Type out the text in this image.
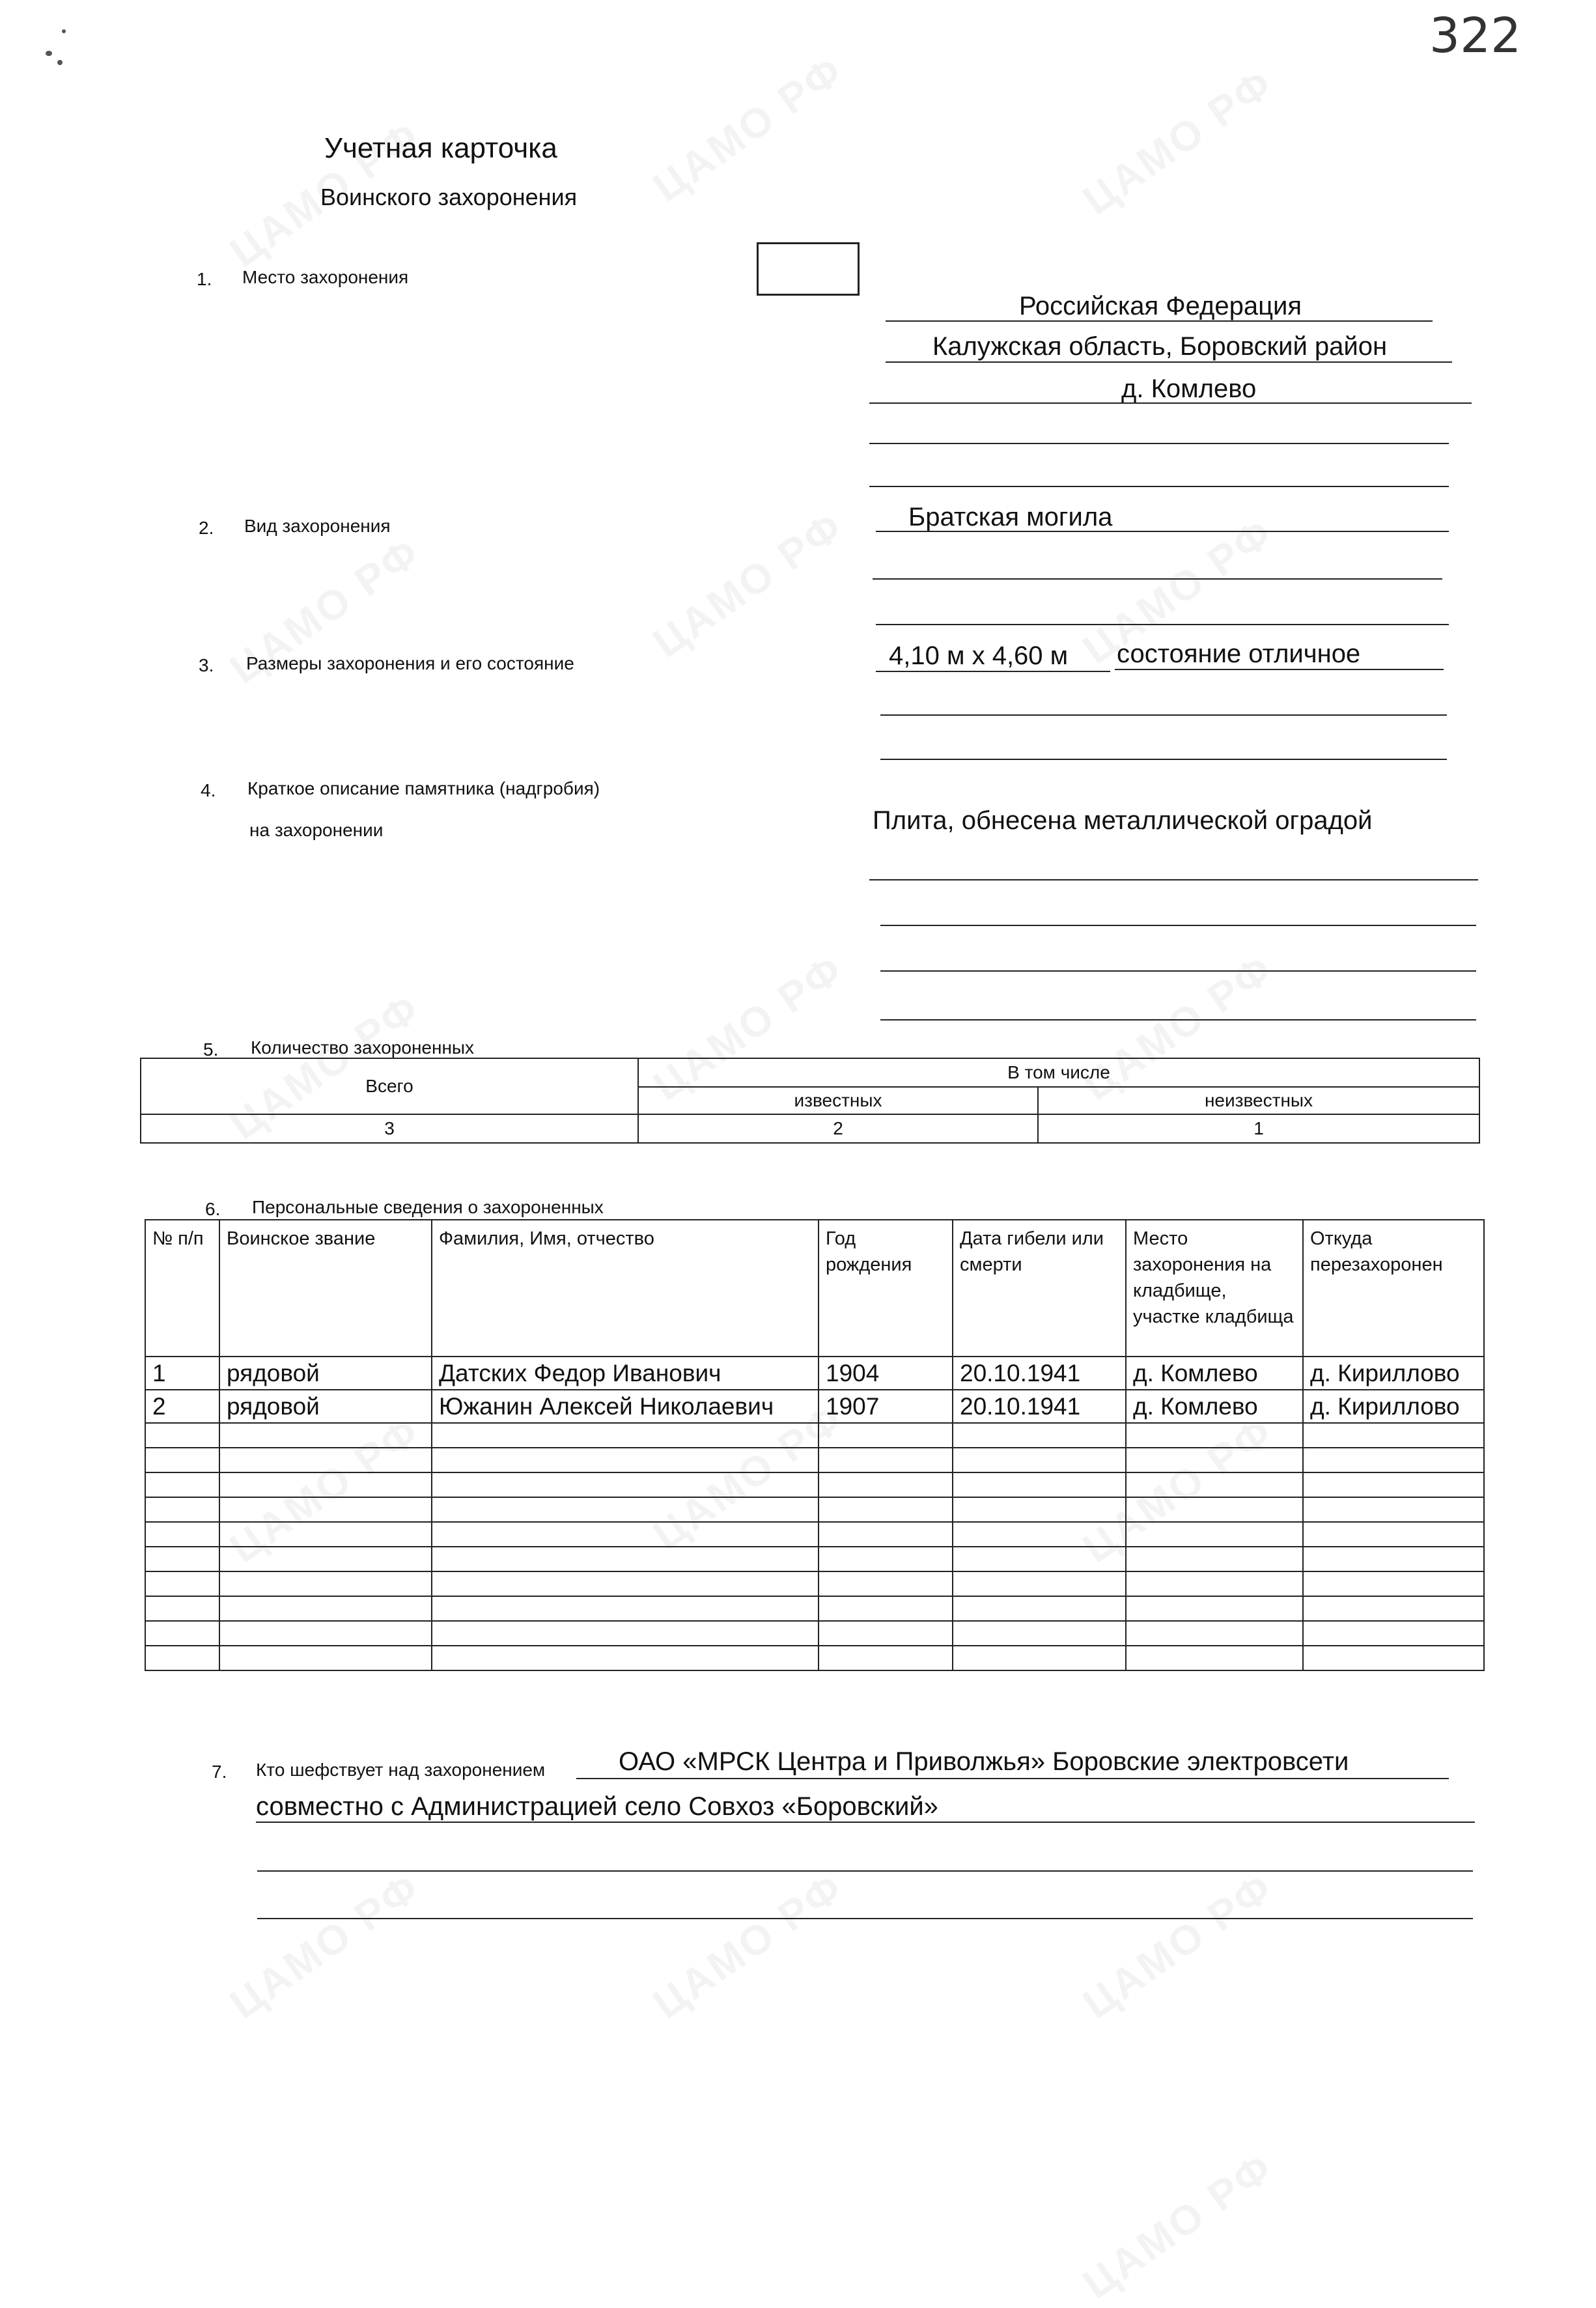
322
Учетная карточка
Воинского захоронения
1. Место захоронения
Российская Федерация
Калужская область, Боровский район
д. Комлево
2. Вид захоронения	Братская могила
3. Размеры захоронения и его состояние	4,10 м х 4,60 м состояние отличное
4. Краткое описание памятника (надгробия)
на захоронении	Плита, обнесена металлической оградой
5. Количество захороненных
Всего	В том числе	
	известных	неизвестных
3	2	1
6. Персональные сведения о захороненных
№ п/п	Воинское звание	Фамилия, Имя, отчество	Год рождения	Дата гибели или смерти	Место захоронения на кладбище, участке кладбища	Откуда перезахоронен
1	рядовой	Датских Федор Иванович	1904	20.10.1941	д. Комлево	д. Кириллово
2	рядовой	Южанин Алексей Николаевич	1907	20.10.1941	д. Комлево	д. Кириллово

7. Кто шефствует над захоронением	ОАО «МРСК Центра и Приволжья» Боровские электровсети
совместно с Администрацией село Совхоз «Боровский»
